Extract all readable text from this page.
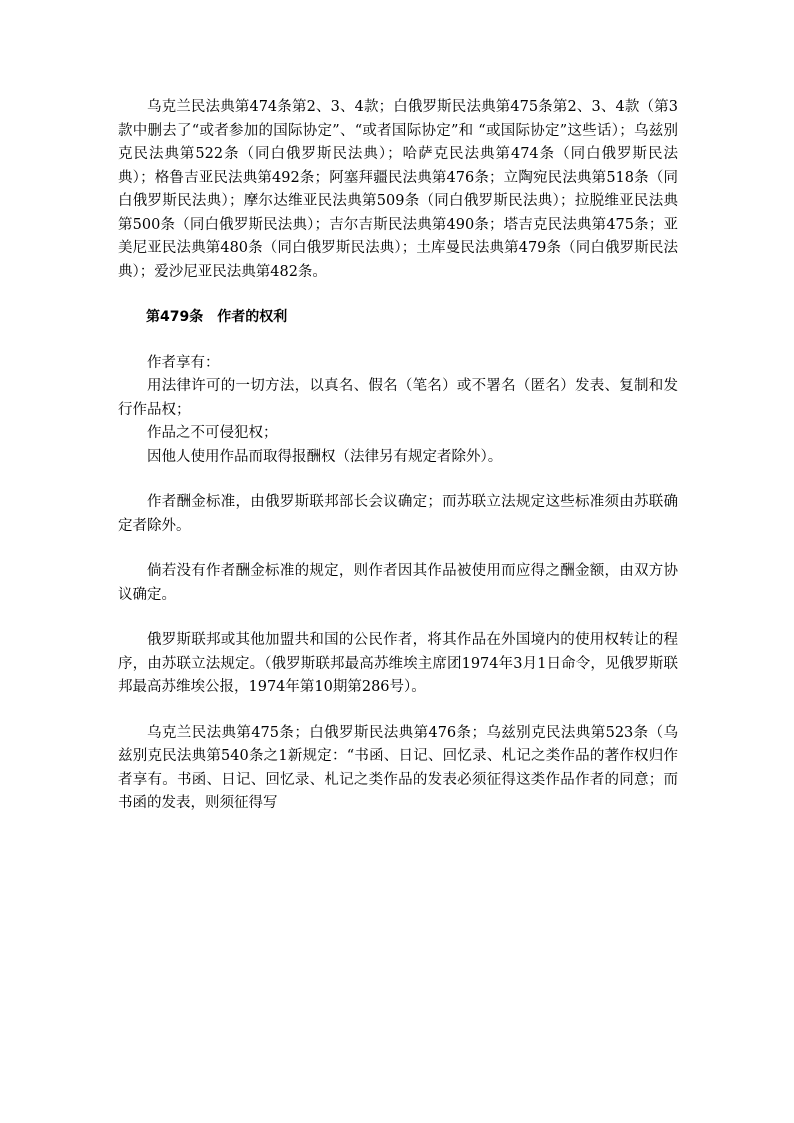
乌克兰民法典第474条第2、3、4款；白俄罗斯民法典第475条第2、3、4款（第3款中删去了“或者参加的国际协定”、“或者国际协定”和 “或国际协定”这些话）；乌兹别克民法典第522条（同白俄罗斯民法典）；哈萨克民法典第474条（同白俄罗斯民法典）；格鲁吉亚民法典第492条；阿塞拜疆民法典第476条；立陶宛民法典第518条（同白俄罗斯民法典）；摩尔达维亚民法典第509条（同白俄罗斯民法典）；拉脱维亚民法典第500条（同白俄罗斯民法典）；吉尔吉斯民法典第490条；塔吉克民法典第475条；亚美尼亚民法典第480条（同白俄罗斯民法典）；土库曼民法典第479条（同白俄罗斯民法典）；爱沙尼亚民法典第482条。

第479条 作者的权利

作者享有：

用法律许可的一切方法，以真名、假名（笔名）或不署名（匿名）发表、复制和发行作品权；

作品之不可侵犯权；

因他人使用作品而取得报酬权（法律另有规定者除外）。

作者酬金标准，由俄罗斯联邦部长会议确定；而苏联立法规定这些标准须由苏联确定者除外。

倘若没有作者酬金标准的规定，则作者因其作品被使用而应得之酬金额，由双方协议确定。

俄罗斯联邦或其他加盟共和国的公民作者，将其作品在外国境内的使用权转让的程序，由苏联立法规定。（俄罗斯联邦最高苏维埃主席团1974年3月1日命令，见俄罗斯联邦最高苏维埃公报，1974年第10期第286号）。

乌克兰民法典第475条；白俄罗斯民法典第476条；乌兹别克民法典第523条（乌兹别克民法典第540条之1新规定：“书函、日记、回忆录、札记之类作品的著作权归作者享有。书函、日记、回忆录、札记之类作品的发表必须征得这类作品作者的同意；而书函的发表，则须征得写
